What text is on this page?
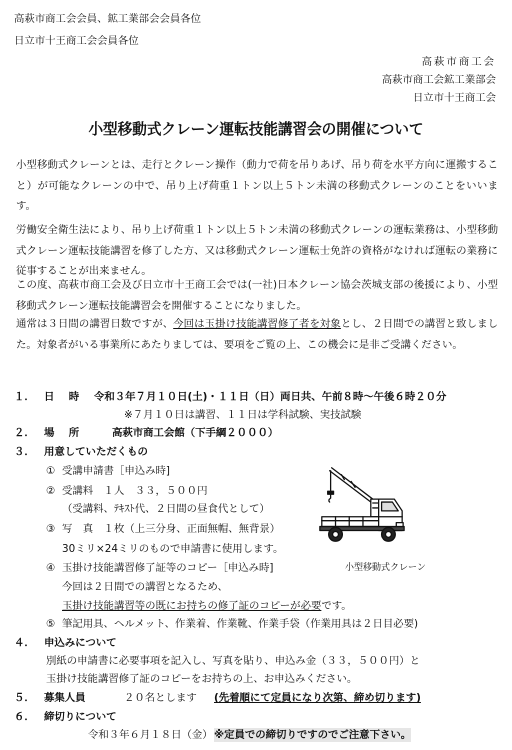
高萩市商工会会員、鉱工業部会会員各位
日立市十王商工会会員各位
高萩市商工会
高萩市商工会鉱工業部会
日立市十王商工会
小型移動式クレーン運転技能講習会の開催について
小型移動式クレーンとは、走行とクレーン操作（動力で荷を吊りあげ、吊り荷を水平方向に運搬すること）が可能なクレーンの中で、吊り上げ荷重１トン以上５トン未満の移動式クレーンのことをいいます。
労働安全衛生法により、吊り上げ荷重１トン以上５トン未満の移動式クレーンの運転業務は、小型移動式クレーン運転技能講習を修了した方、又は移動式クレーン運転士免許の資格がなければ運転の業務に従事することが出来ません。
この度、高萩市商工会及び日立市十王商工会では(一社)日本クレーン協会茨城支部の後援により、小型移動式クレーン運転技能講習会を開催することになりました。
通常は３日間の講習日数ですが、今回は玉掛け技能講習修了者を対象とし、２日間での講習と致しました。対象者がいる事業所にあたりましては、要項をご覧の上、この機会に是非ご受講ください。
１． 日　時 令和３年７月１０日(土)・１１日（日）両日共、午前８時～午後６時２０分
※７月１０日は講習、１１日は学科試験、実技試験
２． 場　所	高萩市商工会館（下手綱２０００）
３． 用意していただくもの
① 受講申請書［申込み時]
② 受講料　１人　３３，５００円
（受講料、ﾃｷｽﾄ代、２日間の昼食代として）
③ 写　真　１枚（上三分身、正面無帽、無背景）
30ミリ×24ミリのもので申請書に使用します。
④ 玉掛け技能講習修了証等のコピー［申込み時]
今回は２日間での講習となるため、
玉掛け技能講習等の既にお持ちの修了証のコピーが必要です。
⑤ 筆記用具、ヘルメット、作業着、作業靴、作業手袋（作業用具は２日目必要)
小型移動式クレーン
４． 申込みについて
別紙の申請書に必要事項を記入し、写真を貼り、申込み金（３３，５００円）と
玉掛け技能講習修了証のコピーをお持ちの上、お申込みください。
５． 募集人員	２０名とします (先着順にて定員になり次第、締め切ります)
６． 締切りについて
令和３年６月１８日（金） ※定員での締切りですのでご注意下さい。
